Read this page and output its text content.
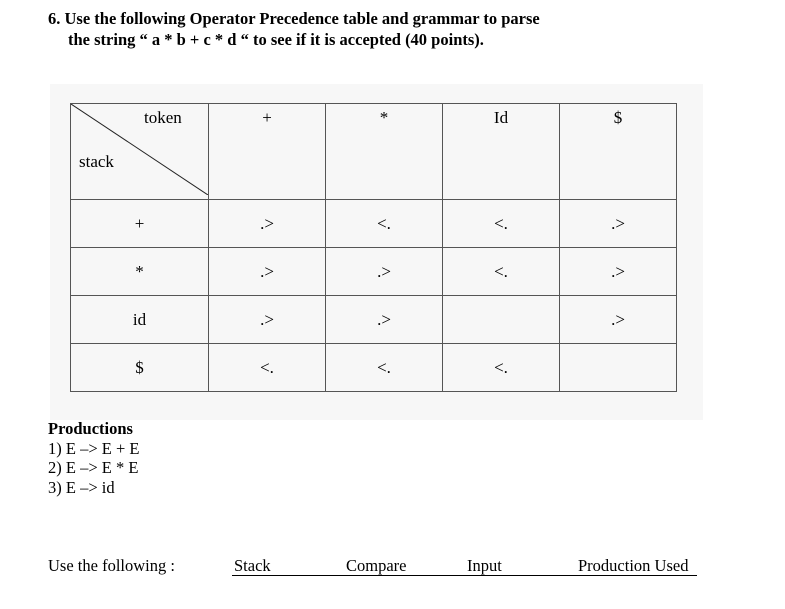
6. Use the following Operator Precedence table and grammar to parse
the string “ a * b + c * d “ to see if it is accepted (40 points).
token
stack	+	*	Id	$
+	.>	<.	<.	.>
*	.>	.>	<.	.>
id	.>	.>		.>
$	<.	<.	<.	
Productions
1) E –> E + E
2) E –> E * E
3) E –> id
Use the following :	Stack	Compare	Input	Production Used
